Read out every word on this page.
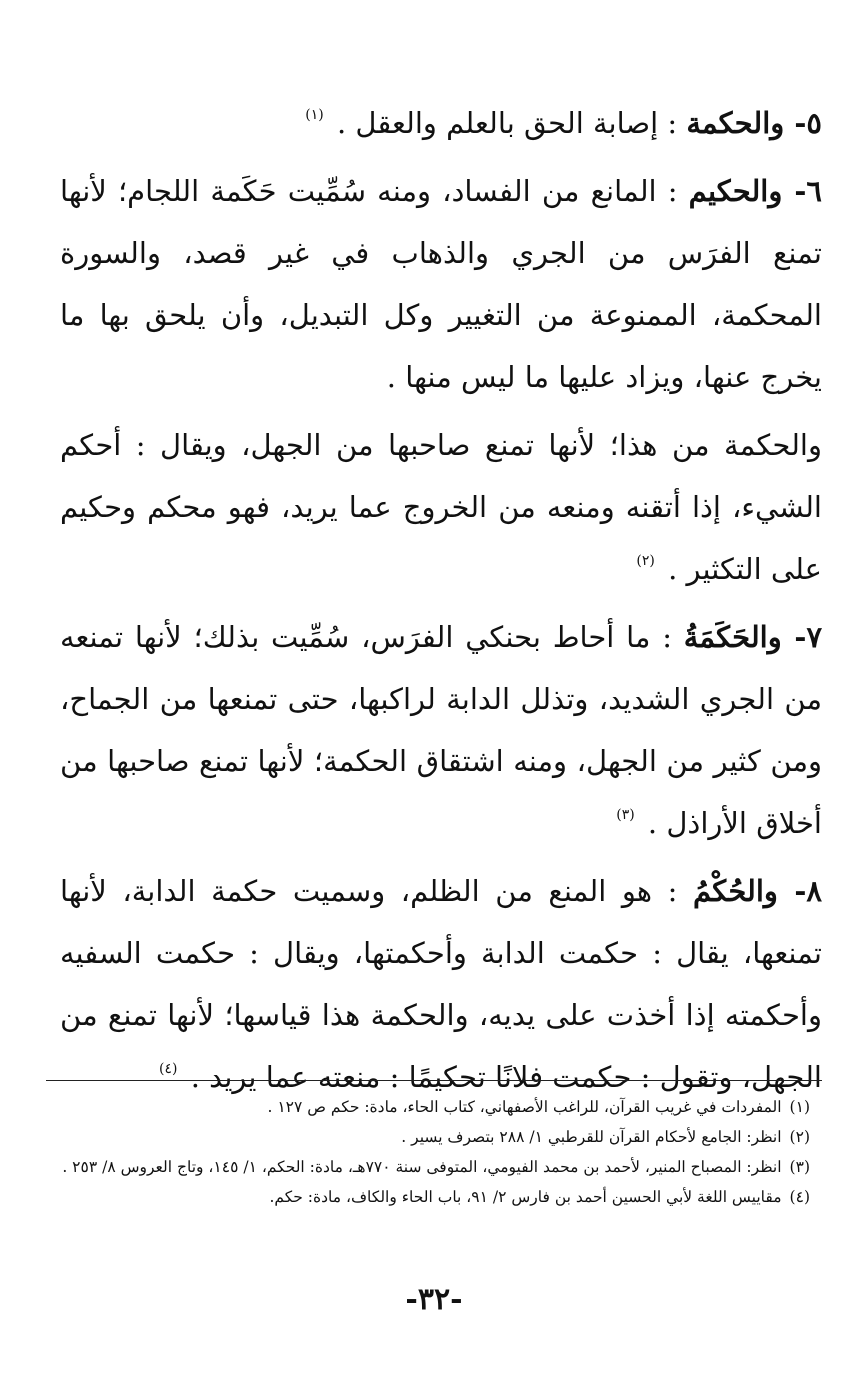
٥- والحكمة : إصابة الحق بالعلم والعقل . $^{(١)}$

٦- والحكيم : المانع من الفساد، ومنه سُمِّيت حَكَمة اللجام؛ لأنها تمنع الفرَس من الجري والذهاب في غير قصد، والسورة المحكمة، الممنوعة من التغيير وكل التبديل، وأن يلحق بها ما يخرج عنها، ويزاد عليها ما ليس منها .

والحكمة من هذا؛ لأنها تمنع صاحبها من الجهل، ويقال : أحكم الشيء، إذا أتقنه ومنعه من الخروج عما يريد، فهو محكم وحكيم على التكثير . $^{(٢)}$

٧- والحَكَمَةُ : ما أحاط بحنكي الفرَس، سُمِّيت بذلك؛ لأنها تمنعه من الجري الشديد، وتذلل الدابة لراكبها، حتى تمنعها من الجماح، ومن كثير من الجهل، ومنه اشتقاق الحكمة؛ لأنها تمنع صاحبها من أخلاق الأراذل . $^{(٣)}$

٨- والحُكْمُ : هو المنع من الظلم، وسميت حكمة الدابة، لأنها تمنعها، يقال : حكمت الدابة وأحكمتها، ويقال : حكمت السفيه وأحكمته إذا أخذت على يديه، والحكمة هذا قياسها؛ لأنها تمنع من الجهل، وتقول : حكمت فلانًا تحكيمًا : منعته عما يريد . $^{(٤)}$

(١)المفردات في غريب القرآن، للراغب الأصفهاني، كتاب الحاء، مادة: حكم ص ١٢٧ .

(٢)انظر: الجامع لأحكام القرآن للقرطبي ١/ ٢٨٨ بتصرف يسير .

(٣)انظر: المصباح المنير، لأحمد بن محمد الفيومي، المتوفى سنة ٧٧٠هـ، مادة: الحكم، ١/ ١٤٥، وتاج العروس ٨/ ٢٥٣ .

(٤)مقاييس اللغة لأبي الحسين أحمد بن فارس ٢/ ٩١، باب الحاء والكاف، مادة: حكم.

-٣٢-
